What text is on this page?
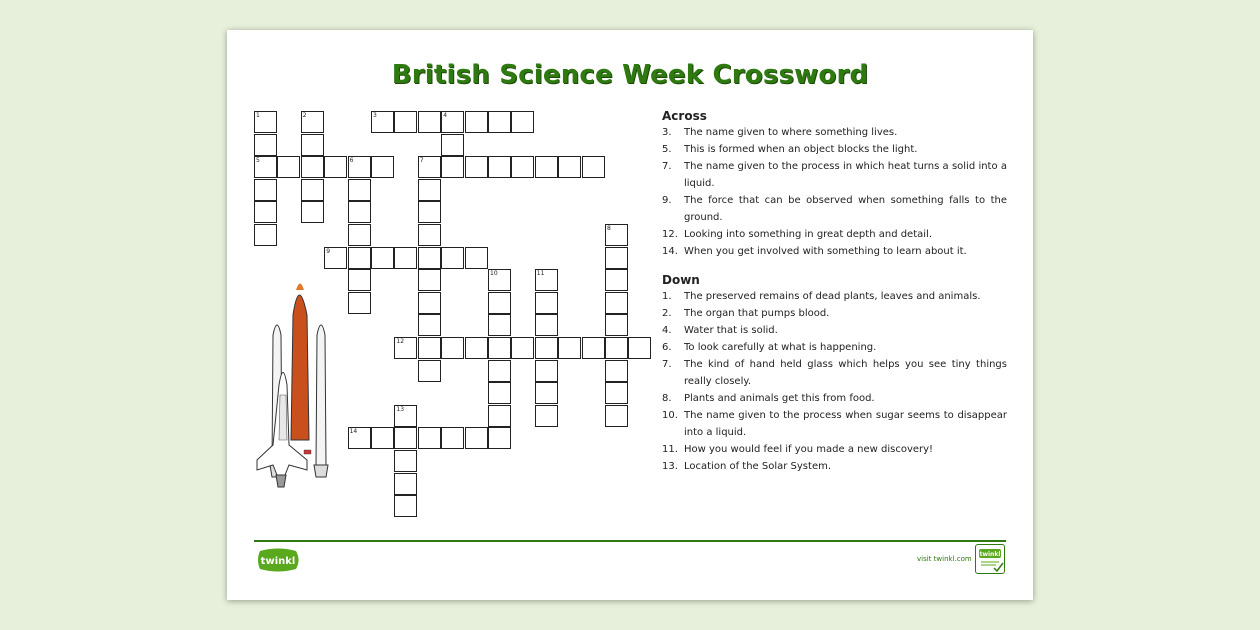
British Science Week Crossword
1
5
2	3	4
6	7
8
9
10	11
12
13
14
Across
3.	The name given to where something lives.
5.	This is formed when an object blocks the light.
7.	The name given to the process in which heat turns a solid into a liquid.
9.	The force that can be observed when something falls to the ground.
12. Looking into something in great depth and detail.
14. When you get involved with something to learn about it.
Down
1.	The preserved remains of dead plants, leaves and animals.
2.	The organ that pumps blood.
4.	Water that is solid.
6.	To look carefully at what is happening.
7.	The kind of hand held glass which helps you see tiny things really closely.
8.	Plants and animals get this from food.
10. The name given to the process when sugar seems to disappear into a liquid.
11. How you would feel if you made a new discovery!
13. Location of the Solar System.
twinkl	visit twinkl.com
twinkl
